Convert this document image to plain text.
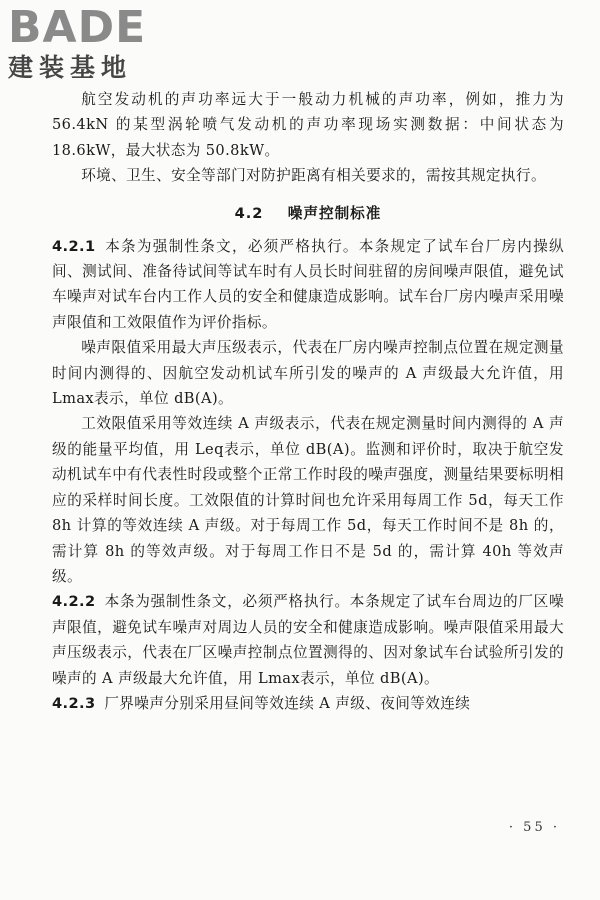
BADE
建装基地

航空发动机的声功率远大于一般动力机械的声功率，例如，推力为 56.4kN 的某型涡轮喷气发动机的声功率现场实测数据：中间状态为 18.6kW，最大状态为 50.8kW。

环境、卫生、安全等部门对防护距离有相关要求的，需按其规定执行。

4.2 噪声控制标准

4.2.1 本条为强制性条文，必须严格执行。本条规定了试车台厂房内操纵间、测试间、准备待试间等试车时有人员长时间驻留的房间噪声限值，避免试车噪声对试车台内工作人员的安全和健康造成影响。试车台厂房内噪声采用噪声限值和工效限值作为评价指标。

噪声限值采用最大声压级表示，代表在厂房内噪声控制点位置在规定测量时间内测得的、因航空发动机试车所引发的噪声的 A 声级最大允许值，用 Lmax表示，单位 dB(A)。

工效限值采用等效连续 A 声级表示，代表在规定测量时间内测得的 A 声级的能量平均值，用 Leq表示，单位 dB(A)。监测和评价时，取决于航空发动机试车中有代表性时段或整个正常工作时段的噪声强度，测量结果要标明相应的采样时间长度。工效限值的计算时间也允许采用每周工作 5d，每天工作 8h 计算的等效连续 A 声级。对于每周工作 5d，每天工作时间不是 8h 的，需计算 8h 的等效声级。对于每周工作日不是 5d 的，需计算 40h 等效声级。

4.2.2 本条为强制性条文，必须严格执行。本条规定了试车台周边的厂区噪声限值，避免试车噪声对周边人员的安全和健康造成影响。噪声限值采用最大声压级表示，代表在厂区噪声控制点位置测得的、因对象试车台试验所引发的噪声的 A 声级最大允许值，用 Lmax表示，单位 dB(A)。

4.2.3 厂界噪声分别采用昼间等效连续 A 声级、夜间等效连续

· 55 ·
